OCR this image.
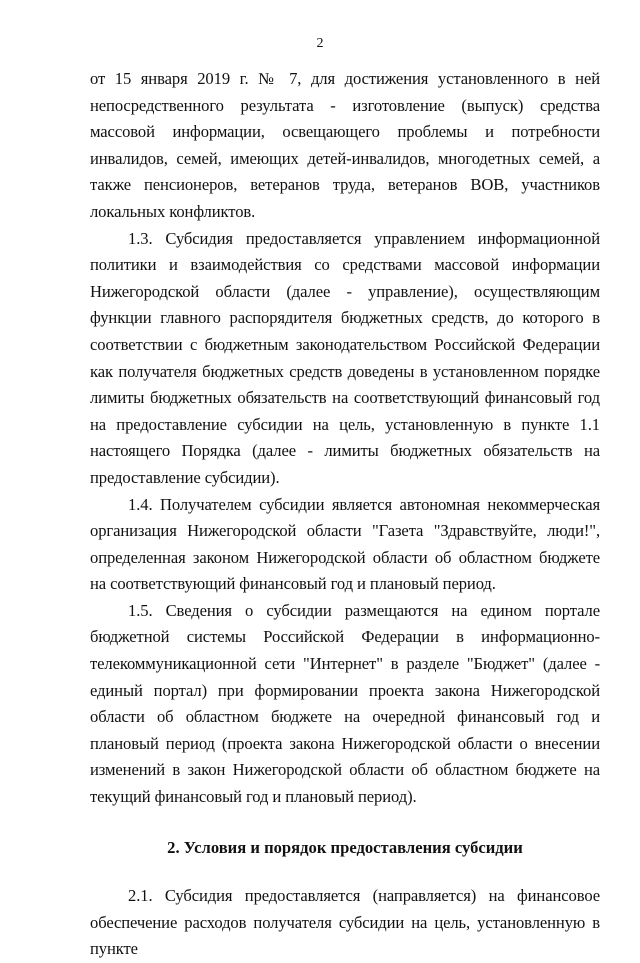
2

от 15 января 2019 г. № 7, для достижения установленного в ней непосредственного результата - изготовление (выпуск) средства массовой информации, освещающего проблемы и потребности инвалидов, семей, имеющих детей-инвалидов, многодетных семей, а также пенсионеров, ветеранов труда, ветеранов ВОВ, участников локальных конфликтов.

1.3. Субсидия предоставляется управлением информационной политики и взаимодействия со средствами массовой информации Нижегородской области (далее - управление), осуществляющим функции главного распорядителя бюджетных средств, до которого в соответствии с бюджетным законодательством Российской Федерации как получателя бюджетных средств доведены в установленном порядке лимиты бюджетных обязательств на соответствующий финансовый год на предоставление субсидии на цель, установленную в пункте 1.1 настоящего Порядка (далее - лимиты бюджетных обязательств на предоставление субсидии).

1.4. Получателем субсидии является автономная некоммерческая организация Нижегородской области "Газета "Здравствуйте, люди!", определенная законом Нижегородской области об областном бюджете на соответствующий финансовый год и плановый период.

1.5. Сведения о субсидии размещаются на едином портале бюджетной системы Российской Федерации в информационно-телекоммуникационной сети "Интернет" в разделе "Бюджет" (далее - единый портал) при формировании проекта закона Нижегородской области об областном бюджете на очередной финансовый год и плановый период (проекта закона Нижегородской области о внесении изменений в закон Нижегородской области об областном бюджете на текущий финансовый год и плановый период).

2. Условия и порядок предоставления субсидии

2.1. Субсидия предоставляется (направляется) на финансовое обеспечение расходов получателя субсидии на цель, установленную в пункте
